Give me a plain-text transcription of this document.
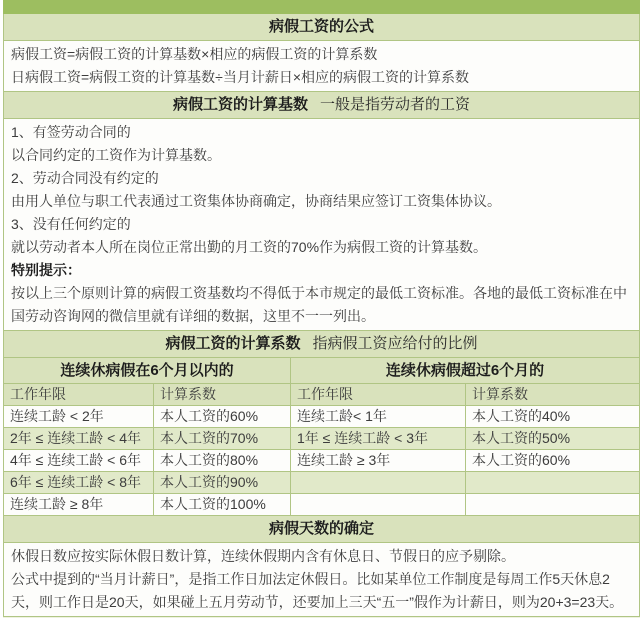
病假工资的公式

病假工资=病假工资的计算基数×相应的病假工资的计算系数

日病假工资=病假工资的计算基数÷当月计薪日×相应的病假工资的计算系数

病假工资的计算基数 一般是指劳动者的工资

1、有签劳动合同的

以合同约定的工资作为计算基数。

2、劳动合同没有约定的

由用人单位与职工代表通过工资集体协商确定，协商结果应签订工资集体协议。

3、没有任何约定的

就以劳动者本人所在岗位正常出勤的月工资的70%作为病假工资的计算基数。

特别提示：

按以上三个原则计算的病假工资基数均不得低于本市规定的最低工资标准。各地的最低工资标准在中国劳动咨询网的微信里就有详细的数据，这里不一一列出。

病假工资的计算系数 指病假工资应给付的比例
连续休病假在6个月以内的	连续休病假超过6个月的
工作年限	计算系数	工作年限	计算系数
连续工龄 < 2年	本人工资的60%	连续工龄< 1年	本人工资的40%
2年 ≤ 连续工龄 < 4年	本人工资的70%	1年 ≤ 连续工龄 < 3年	本人工资的50%
4年 ≤ 连续工龄 < 6年	本人工资的80%	连续工龄 ≥ 3年	本人工资的60%
6年 ≤ 连续工龄 < 8年	本人工资的90%

连续工龄 ≥ 8年	本人工资的100%

病假天数的确定

休假日数应按实际休假日数计算，连续休假期内含有休息日、节假日的应予剔除。

公式中提到的“当月计薪日”，是指工作日加法定休假日。比如某单位工作制度是每周工作5天休息2天，则工作日是20天，如果碰上五月劳动节，还要加上三天“五一”假作为计薪日，则为20+3=23天。
